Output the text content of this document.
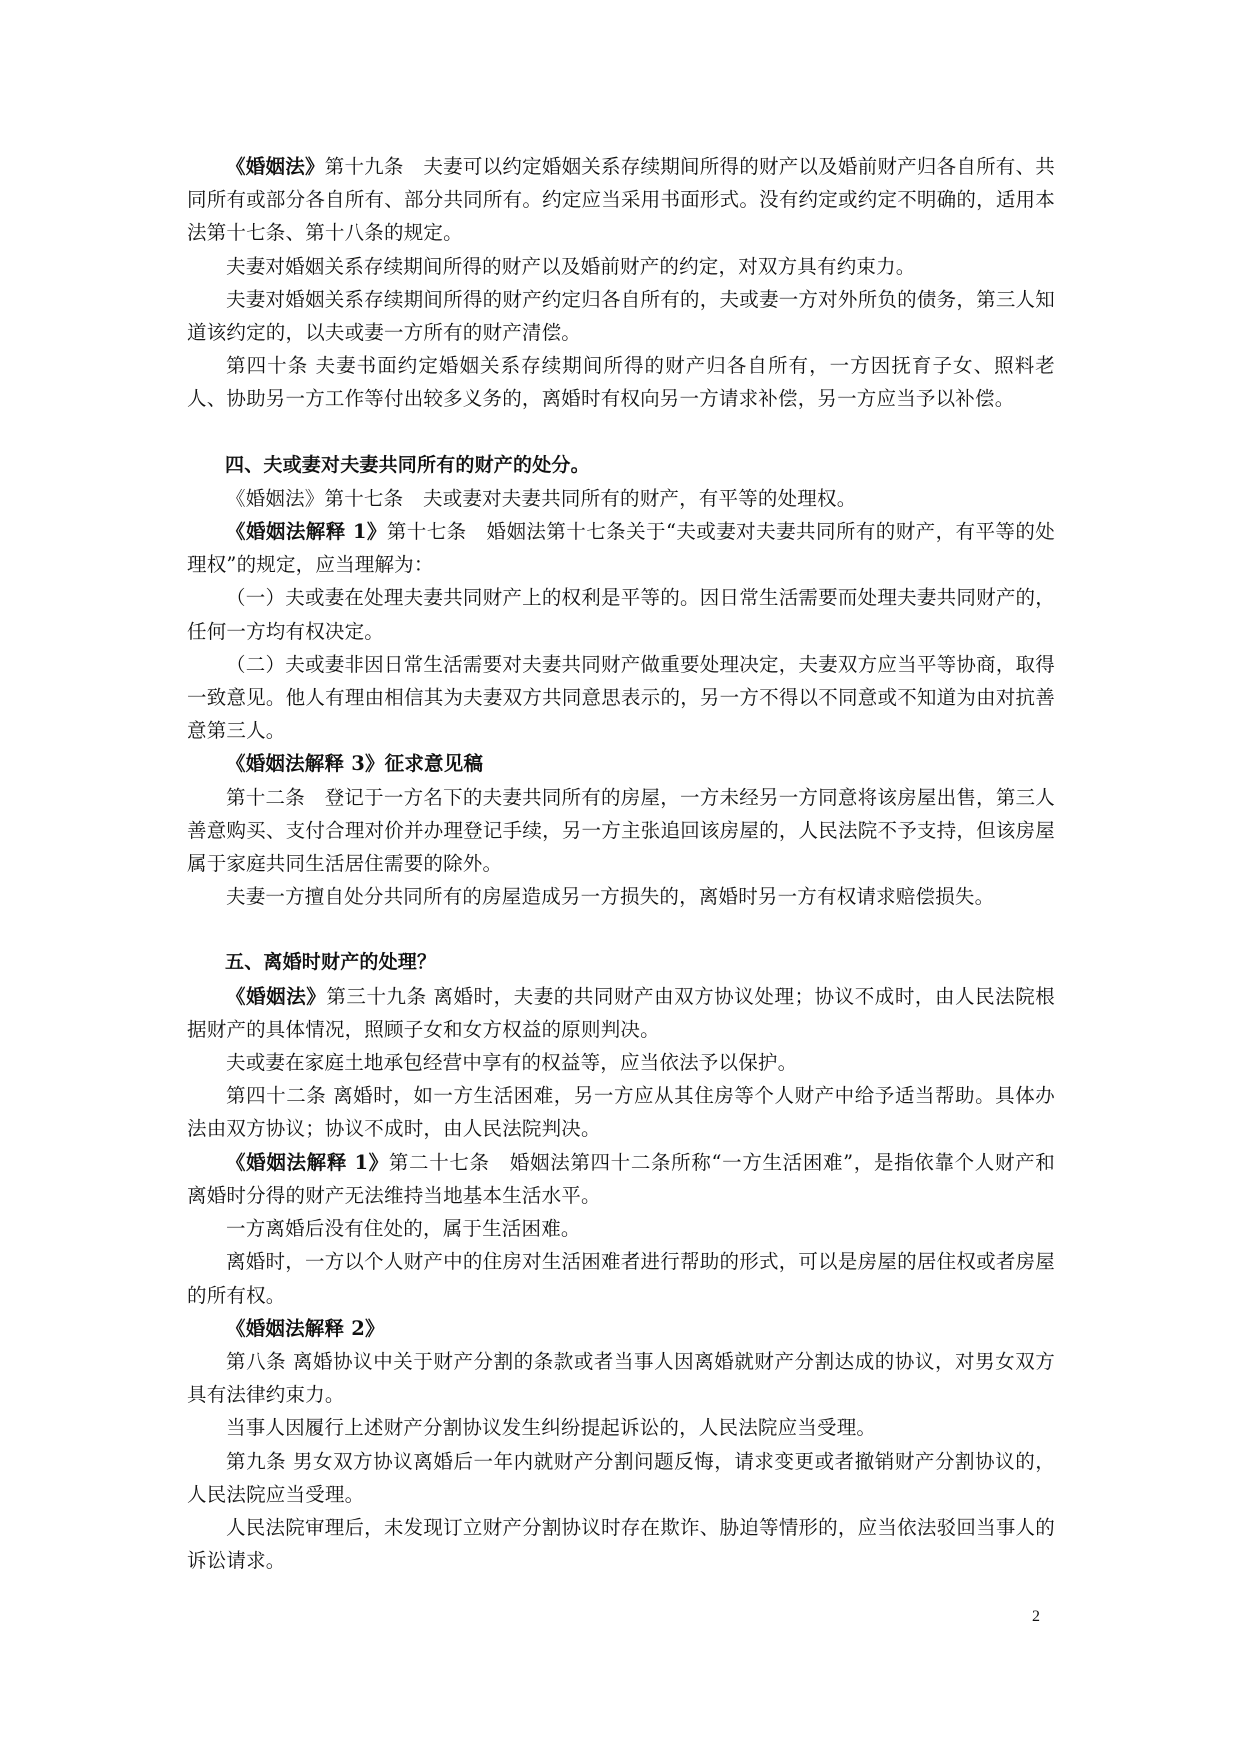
《婚姻法》第十九条　夫妻可以约定婚姻关系存续期间所得的财产以及婚前财产归各自所有、共同所有或部分各自所有、部分共同所有。约定应当采用书面形式。没有约定或约定不明确的，适用本法第十七条、第十八条的规定。

夫妻对婚姻关系存续期间所得的财产以及婚前财产的约定，对双方具有约束力。

夫妻对婚姻关系存续期间所得的财产约定归各自所有的，夫或妻一方对外所负的债务，第三人知道该约定的，以夫或妻一方所有的财产清偿。

第四十条 夫妻书面约定婚姻关系存续期间所得的财产归各自所有，一方因抚育子女、照料老人、协助另一方工作等付出较多义务的，离婚时有权向另一方请求补偿，另一方应当予以补偿。

四、夫或妻对夫妻共同所有的财产的处分。

《婚姻法》第十七条　夫或妻对夫妻共同所有的财产，有平等的处理权。

《婚姻法解释 1》第十七条　婚姻法第十七条关于“夫或妻对夫妻共同所有的财产，有平等的处理权”的规定，应当理解为：

（一）夫或妻在处理夫妻共同财产上的权利是平等的。因日常生活需要而处理夫妻共同财产的，任何一方均有权决定。

（二）夫或妻非因日常生活需要对夫妻共同财产做重要处理决定，夫妻双方应当平等协商，取得一致意见。他人有理由相信其为夫妻双方共同意思表示的，另一方不得以不同意或不知道为由对抗善意第三人。

《婚姻法解释 3》征求意见稿

第十二条　登记于一方名下的夫妻共同所有的房屋，一方未经另一方同意将该房屋出售，第三人善意购买、支付合理对价并办理登记手续，另一方主张追回该房屋的，人民法院不予支持，但该房屋属于家庭共同生活居住需要的除外。

夫妻一方擅自处分共同所有的房屋造成另一方损失的，离婚时另一方有权请求赔偿损失。

五、离婚时财产的处理？

《婚姻法》第三十九条 离婚时，夫妻的共同财产由双方协议处理；协议不成时，由人民法院根据财产的具体情况，照顾子女和女方权益的原则判决。

夫或妻在家庭土地承包经营中享有的权益等，应当依法予以保护。

第四十二条 离婚时，如一方生活困难，另一方应从其住房等个人财产中给予适当帮助。具体办法由双方协议；协议不成时，由人民法院判决。

《婚姻法解释 1》第二十七条　婚姻法第四十二条所称“一方生活困难”，是指依靠个人财产和离婚时分得的财产无法维持当地基本生活水平。

一方离婚后没有住处的，属于生活困难。

离婚时，一方以个人财产中的住房对生活困难者进行帮助的形式，可以是房屋的居住权或者房屋的所有权。

《婚姻法解释 2》

第八条 离婚协议中关于财产分割的条款或者当事人因离婚就财产分割达成的协议，对男女双方具有法律约束力。

当事人因履行上述财产分割协议发生纠纷提起诉讼的，人民法院应当受理。

第九条 男女双方协议离婚后一年内就财产分割问题反悔，请求变更或者撤销财产分割协议的，人民法院应当受理。

人民法院审理后，未发现订立财产分割协议时存在欺诈、胁迫等情形的，应当依法驳回当事人的诉讼请求。

2
